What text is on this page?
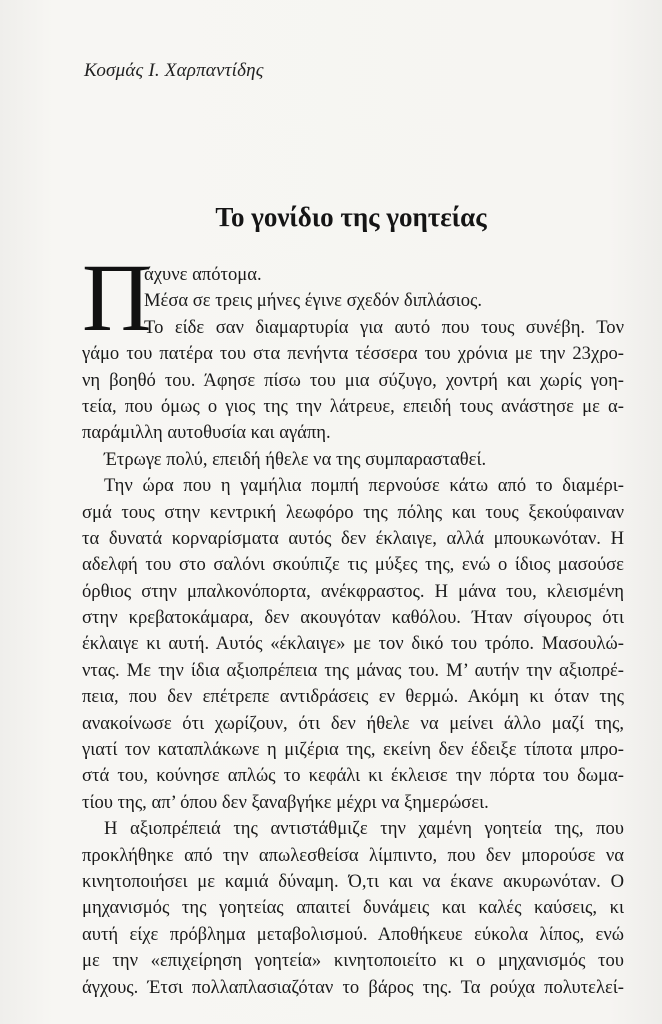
Κοσμάς Ι. Χαρπαντίδης
Το γονίδιο της γοητείας
Π
άχυνε απότομα.
Μέσα σε τρεις μήνες έγινε σχεδόν διπλάσιος.
Το είδε σαν διαμαρτυρία για αυτό που τους συνέβη. Τον
γάμο του πατέρα του στα πενήντα τέσσερα του χρόνια με την 23χρο-
νη βοηθό του. Άφησε πίσω του μια σύζυγο, χοντρή και χωρίς γοη-
τεία, που όμως ο γιος της την λάτρευε, επειδή τους ανάστησε με α-
παράμιλλη αυτοθυσία και αγάπη.
Έτρωγε πολύ, επειδή ήθελε να της συμπαρασταθεί.
Την ώρα που η γαμήλια πομπή περνούσε κάτω από το διαμέρι-
σμά τους στην κεντρική λεωφόρο της πόλης και τους ξεκούφαιναν
τα δυνατά κορναρίσματα αυτός δεν έκλαιγε, αλλά μπουκωνόταν. Η
αδελφή του στο σαλόνι σκούπιζε τις μύξες της, ενώ ο ίδιος μασούσε
όρθιος στην μπαλκονόπορτα, ανέκφραστος. Η μάνα του, κλεισμένη
στην κρεβατοκάμαρα, δεν ακουγόταν καθόλου. Ήταν σίγουρος ότι
έκλαιγε κι αυτή. Αυτός «έκλαιγε» με τον δικό του τρόπο. Μασουλώ-
ντας. Με την ίδια αξιοπρέπεια της μάνας του. Μ’ αυτήν την αξιοπρέ-
πεια, που δεν επέτρεπε αντιδράσεις εν θερμώ. Ακόμη κι όταν της
ανακοίνωσε ότι χωρίζουν, ότι δεν ήθελε να μείνει άλλο μαζί της,
γιατί τον καταπλάκωνε η μιζέρια της, εκείνη δεν έδειξε τίποτα μπρο-
στά του, κούνησε απλώς το κεφάλι κι έκλεισε την πόρτα του δωμα-
τίου της, απ’ όπου δεν ξαναβγήκε μέχρι να ξημερώσει.
Η αξιοπρέπειά της αντιστάθμιζε την χαμένη γοητεία της, που
προκλήθηκε από την απωλεσθείσα λίμπιντο, που δεν μπορούσε να
κινητοποιήσει με καμιά δύναμη. Ό,τι και να έκανε ακυρωνόταν. Ο
μηχανισμός της γοητείας απαιτεί δυνάμεις και καλές καύσεις, κι
αυτή είχε πρόβλημα μεταβολισμού. Αποθήκευε εύκολα λίπος, ενώ
με την «επιχείρηση γοητεία» κινητοποιείτο κι ο μηχανισμός του
άγχους. Έτσι πολλαπλασιαζόταν το βάρος της. Τα ρούχα πολυτελεί-
